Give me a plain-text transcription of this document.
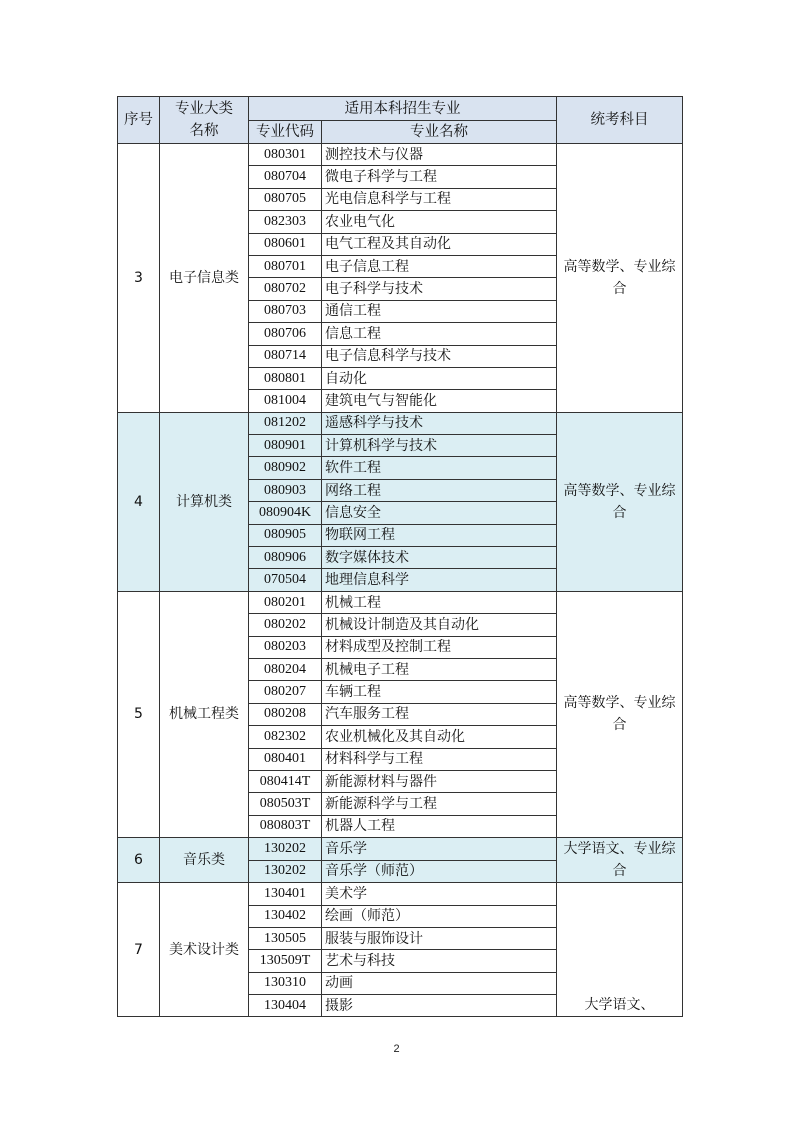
序号	专业大类名称	适用本科招生专业		统考科目
		专业代码	专业名称	
3	电子信息类	080301	测控技术与仪器	高等数学、专业综合
		080704	微电子科学与工程	
		080705	光电信息科学与工程	
		082303	农业电气化	
		080601	电气工程及其自动化	
		080701	电子信息工程	
		080702	电子科学与技术	
		080703	通信工程	
		080706	信息工程	
		080714	电子信息科学与技术	
		080801	自动化	
		081004	建筑电气与智能化	
4	计算机类	081202	遥感科学与技术	高等数学、专业综合
		080901	计算机科学与技术	
		080902	软件工程	
		080903	网络工程	
		080904K	信息安全	
		080905	物联网工程	
		080906	数字媒体技术	
		070504	地理信息科学	
5	机械工程类	080201	机械工程	高等数学、专业综合
		080202	机械设计制造及其自动化	
		080203	材料成型及控制工程	
		080204	机械电子工程	
		080207	车辆工程	
		080208	汽车服务工程	
		082302	农业机械化及其自动化	
		080401	材料科学与工程	
		080414T	新能源材料与器件	
		080503T	新能源科学与工程	
		080803T	机器人工程	
6	音乐类	130202	音乐学	大学语文、专业综合
		130202	音乐学（师范）	
7	美术设计类	130401	美术学	大学语文、
		130402	绘画（师范）	
		130505	服装与服饰设计	
		130509T	艺术与科技	
		130310	动画	
		130404	摄影	
2
